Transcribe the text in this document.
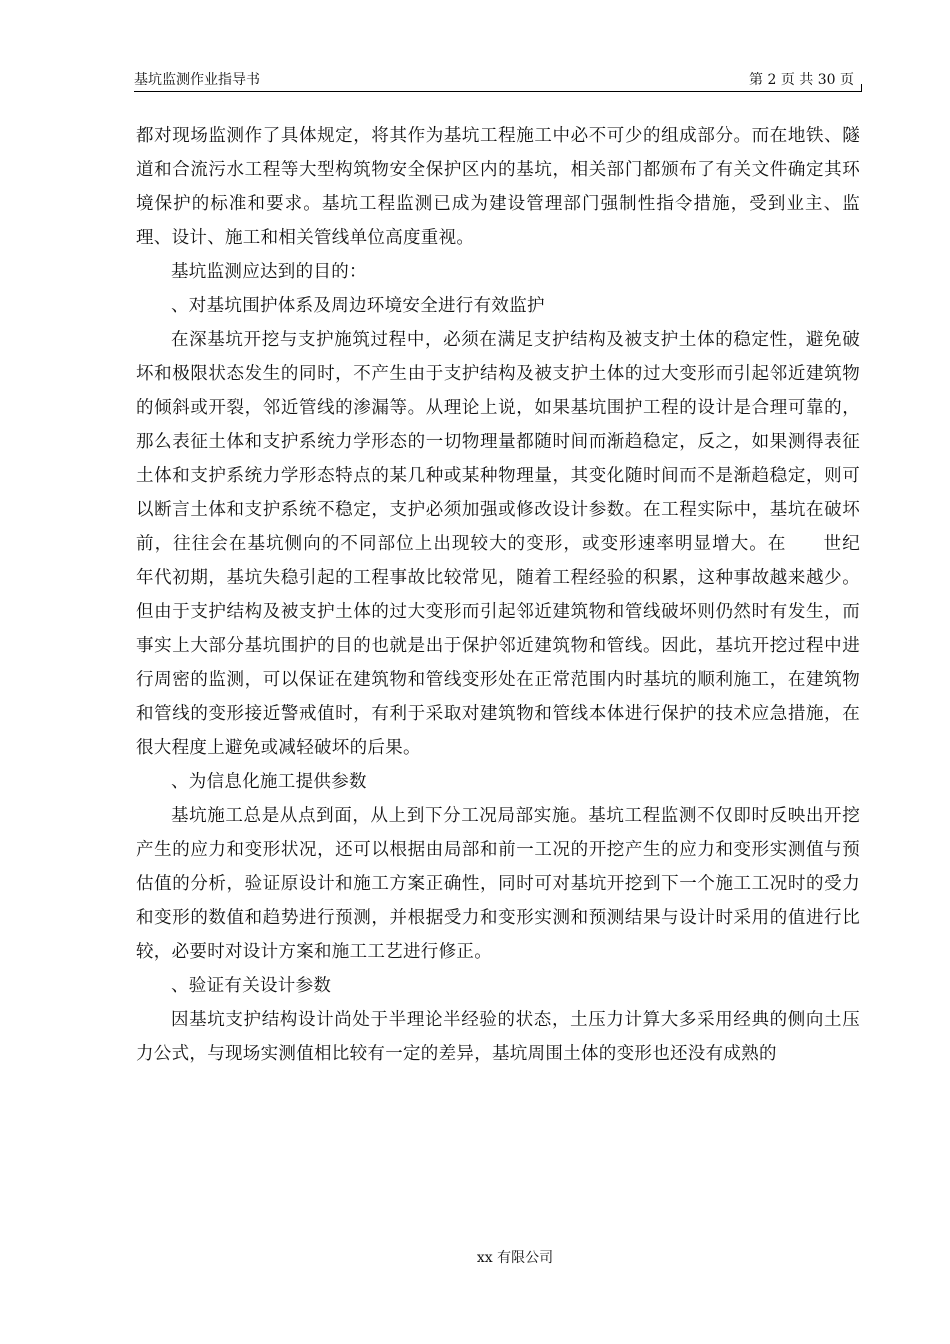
基坑监测作业指导书	第 2 页 共 30 页

都对现场监测作了具体规定，将其作为基坑工程施工中必不可少的组成部分。而在地铁、隧道和合流污水工程等大型构筑物安全保护区内的基坑，相关部门都颁布了有关文件确定其环境保护的标准和要求。基坑工程监测已成为建设管理部门强制性指令措施，受到业主、监理、设计、施工和相关管线单位高度重视。

基坑监测应达到的目的：

、对基坑围护体系及周边环境安全进行有效监护

在深基坑开挖与支护施筑过程中，必须在满足支护结构及被支护土体的稳定性，避免破坏和极限状态发生的同时，不产生由于支护结构及被支护土体的过大变形而引起邻近建筑物的倾斜或开裂，邻近管线的渗漏等。从理论上说，如果基坑围护工程的设计是合理可靠的，那么表征土体和支护系统力学形态的一切物理量都随时间而渐趋稳定，反之，如果测得表征土体和支护系统力学形态特点的某几种或某种物理量，其变化随时间而不是渐趋稳定，则可以断言土体和支护系统不稳定，支护必须加强或修改设计参数。在工程实际中，基坑在破坏前，往往会在基坑侧向的不同部位上出现较大的变形，或变形速率明显增大。在　　世纪　　年代初期，基坑失稳引起的工程事故比较常见，随着工程经验的积累，这种事故越来越少。但由于支护结构及被支护土体的过大变形而引起邻近建筑物和管线破坏则仍然时有发生，而事实上大部分基坑围护的目的也就是出于保护邻近建筑物和管线。因此，基坑开挖过程中进行周密的监测，可以保证在建筑物和管线变形处在正常范围内时基坑的顺利施工，在建筑物和管线的变形接近警戒值时，有利于采取对建筑物和管线本体进行保护的技术应急措施，在很大程度上避免或减轻破坏的后果。

、为信息化施工提供参数

基坑施工总是从点到面，从上到下分工况局部实施。基坑工程监测不仅即时反映出开挖产生的应力和变形状况，还可以根据由局部和前一工况的开挖产生的应力和变形实测值与预估值的分析，验证原设计和施工方案正确性，同时可对基坑开挖到下一个施工工况时的受力和变形的数值和趋势进行预测，并根据受力和变形实测和预测结果与设计时采用的值进行比较，必要时对设计方案和施工工艺进行修正。

、验证有关设计参数

因基坑支护结构设计尚处于半理论半经验的状态，土压力计算大多采用经典的侧向土压力公式，与现场实测值相比较有一定的差异，基坑周围土体的变形也还没有成熟的

xx 有限公司
